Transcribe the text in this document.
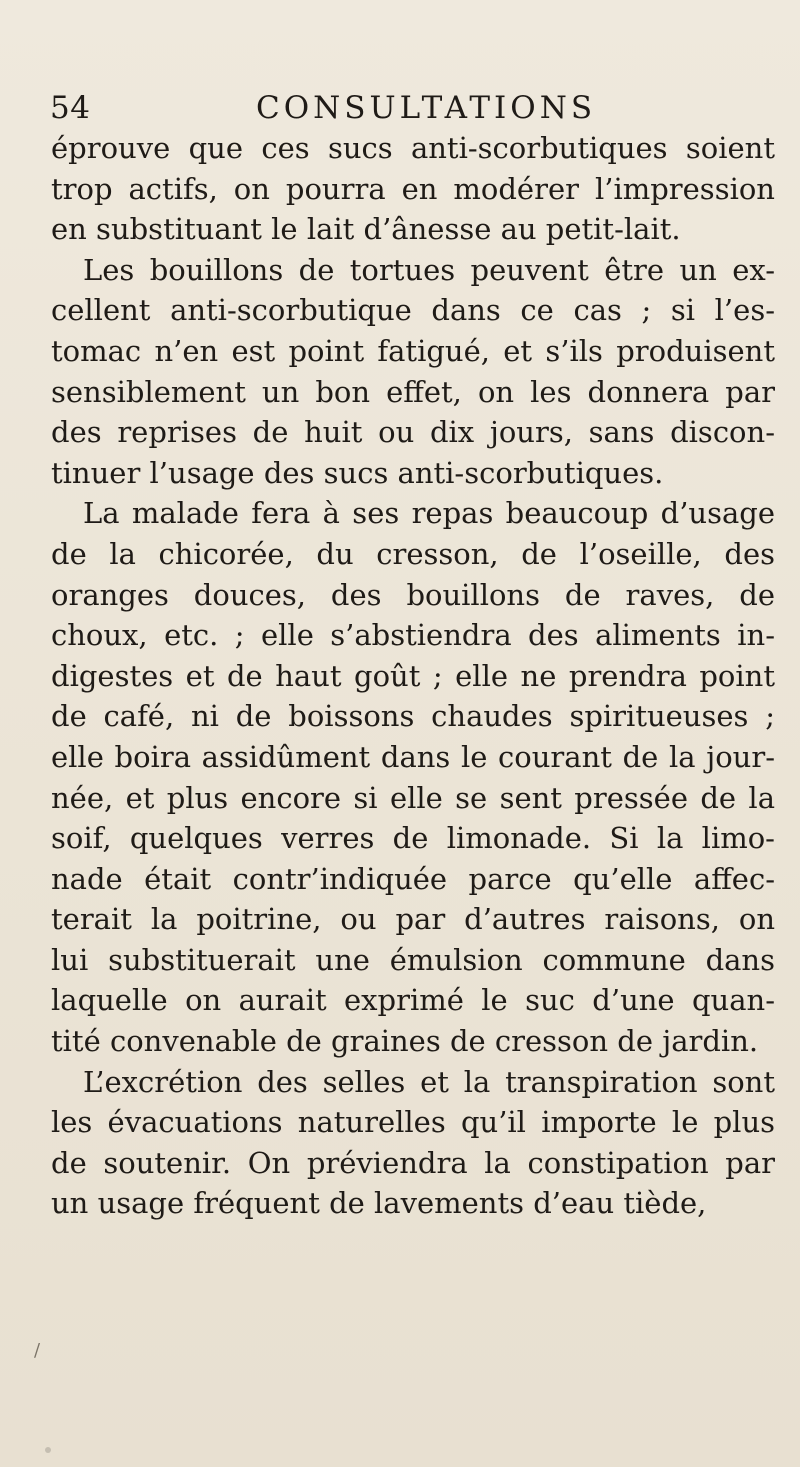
54	CONSULTATIONS
éprouve que ces sucs anti-scorbutiques soient
trop actifs, on pourra en modérer l’impression
en substituant le lait d’ânesse au petit-lait.
Les bouillons de tortues peuvent être un ex-
cellent anti-scorbutique dans ce cas ; si l’es-
tomac n’en est point fatigué, et s’ils produisent
sensiblement un bon effet, on les donnera par
des reprises de huit ou dix jours, sans discon-
tinuer l’usage des sucs anti-scorbutiques.
La malade fera à ses repas beaucoup d’usage
de la chicorée, du cresson, de l’oseille, des
oranges douces, des bouillons de raves, de
choux, etc. ; elle s’abstiendra des aliments in-
digestes et de haut goût ; elle ne prendra point
de café, ni de boissons chaudes spiritueuses ;
elle boira assidûment dans le courant de la jour-
née, et plus encore si elle se sent pressée de la
soif, quelques verres de limonade. Si la limo-
nade était contr’indiquée parce qu’elle affec-
terait la poitrine, ou par d’autres raisons, on
lui substituerait une émulsion commune dans
laquelle on aurait exprimé le suc d’une quan-
tité convenable de graines de cresson de jardin.
L’excrétion des selles et la transpiration sont
les évacuations naturelles qu’il importe le plus
de soutenir. On préviendra la constipation par
un usage fréquent de lavements d’eau tiède,
/
